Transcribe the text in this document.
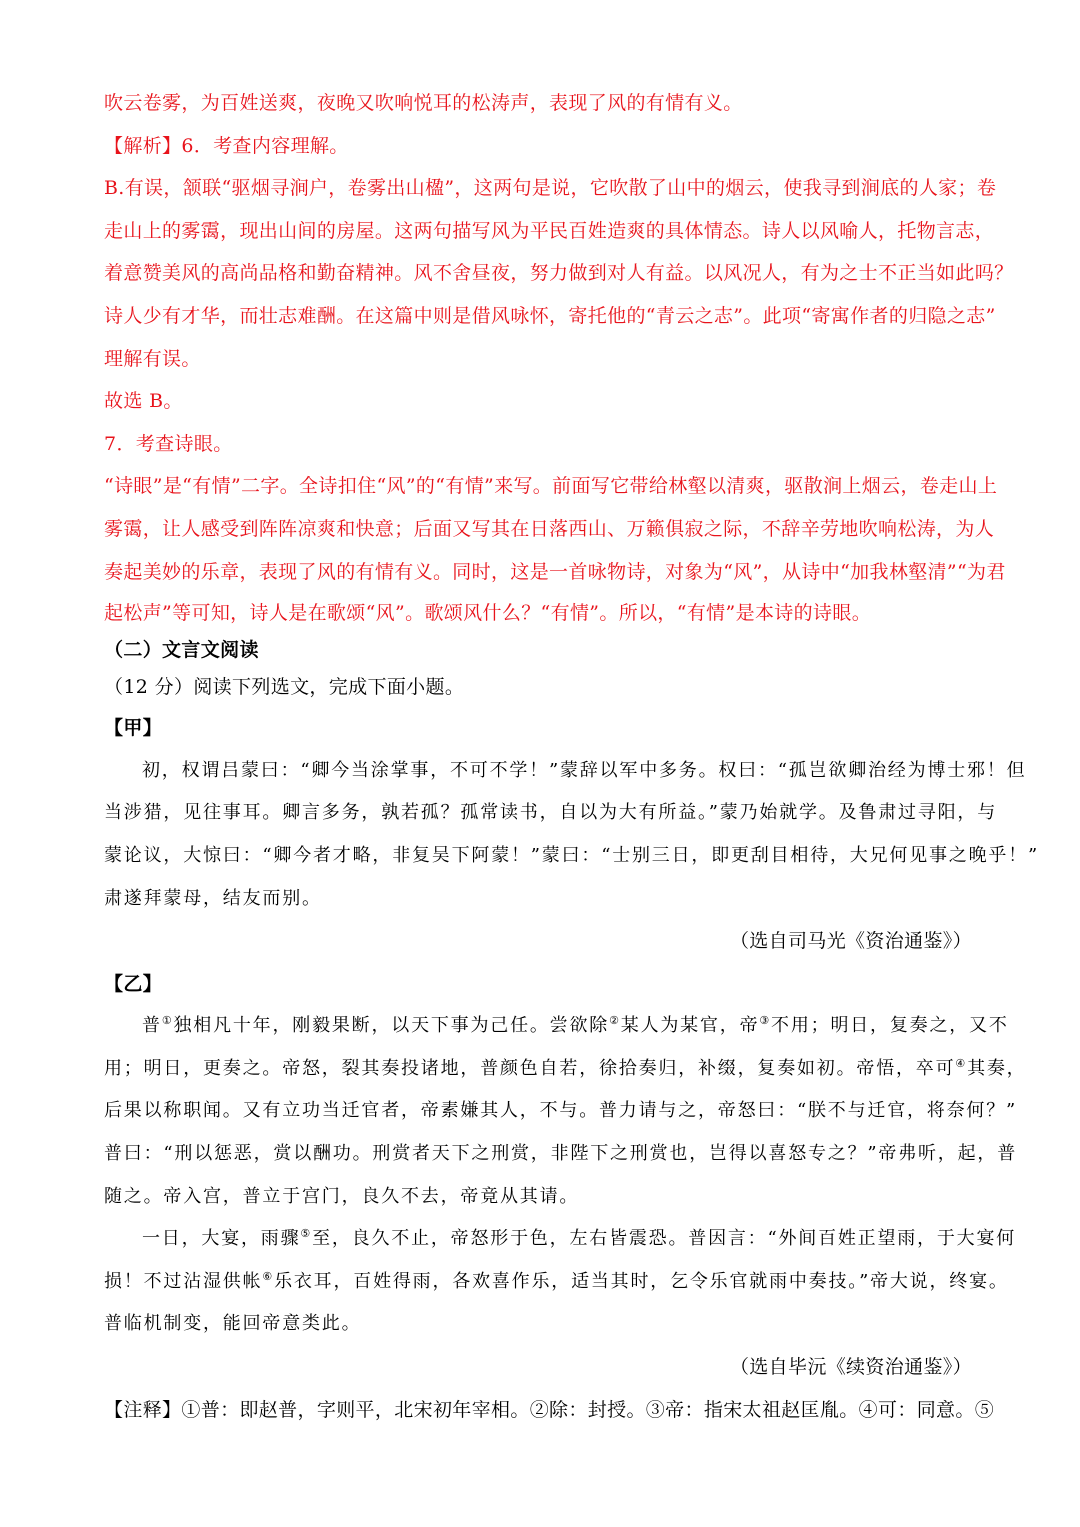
吹云卷雾，为百姓送爽，夜晚又吹响悦耳的松涛声，表现了风的有情有义。
【解析】6．考查内容理解。
B.有误，颔联“驱烟寻涧户，卷雾出山楹”，这两句是说，它吹散了山中的烟云，使我寻到涧底的人家；卷
走山上的雾霭，现出山间的房屋。这两句描写风为平民百姓造爽的具体情态。诗人以风喻人，托物言志，
着意赞美风的高尚品格和勤奋精神。风不舍昼夜，努力做到对人有益。以风况人，有为之士不正当如此吗？
诗人少有才华，而壮志难酬。在这篇中则是借风咏怀，寄托他的“青云之志”。此项“寄寓作者的归隐之志”
理解有误。
故选 B。
7．考查诗眼。
“诗眼”是“有情”二字。全诗扣住“风”的“有情”来写。前面写它带给林壑以清爽，驱散涧上烟云，卷走山上
雾霭，让人感受到阵阵凉爽和快意；后面又写其在日落西山、万籁俱寂之际，不辞辛劳地吹响松涛，为人
奏起美妙的乐章，表现了风的有情有义。同时，这是一首咏物诗，对象为“风”，从诗中“加我林壑清”“为君
起松声”等可知，诗人是在歌颂“风”。歌颂风什么？“有情”。所以，“有情”是本诗的诗眼。
（二）文言文阅读
（12 分）阅读下列选文，完成下面小题。
【甲】
初，权谓吕蒙曰：“卿今当涂掌事，不可不学！”蒙辞以军中多务。权曰：“孤岂欲卿治经为博士邪！但
当涉猎，见往事耳。卿言多务，孰若孤？孤常读书，自以为大有所益。”蒙乃始就学。及鲁肃过寻阳，与
蒙论议，大惊曰：“卿今者才略，非复吴下阿蒙！”蒙曰：“士别三日，即更刮目相待，大兄何见事之晚乎！”
肃遂拜蒙母，结友而别。
（选自司马光《资治通鉴》）
【乙】
普①独相凡十年，刚毅果断，以天下事为己任。尝欲除②某人为某官，帝③不用；明日，复奏之，又不
用；明日，更奏之。帝怒，裂其奏投诸地，普颜色自若，徐拾奏归，补缀，复奏如初。帝悟，卒可④其奏，
后果以称职闻。又有立功当迁官者，帝素嫌其人，不与。普力请与之，帝怒曰：“朕不与迁官，将奈何？”
普曰：“刑以惩恶，赏以酬功。刑赏者天下之刑赏，非陛下之刑赏也，岂得以喜怒专之？”帝弗听，起，普
随之。帝入宫，普立于宫门，良久不去，帝竟从其请。
一日，大宴，雨骤⑤至，良久不止，帝怒形于色，左右皆震恐。普因言：“外间百姓正望雨，于大宴何
损！不过沾湿供帐⑥乐衣耳，百姓得雨，各欢喜作乐，适当其时，乞令乐官就雨中奏技。”帝大说，终宴。
普临机制变，能回帝意类此。
（选自毕沅《续资治通鉴》）
【注释】①普：即赵普，字则平，北宋初年宰相。②除：封授。③帝：指宋太祖赵匡胤。④可：同意。⑤
